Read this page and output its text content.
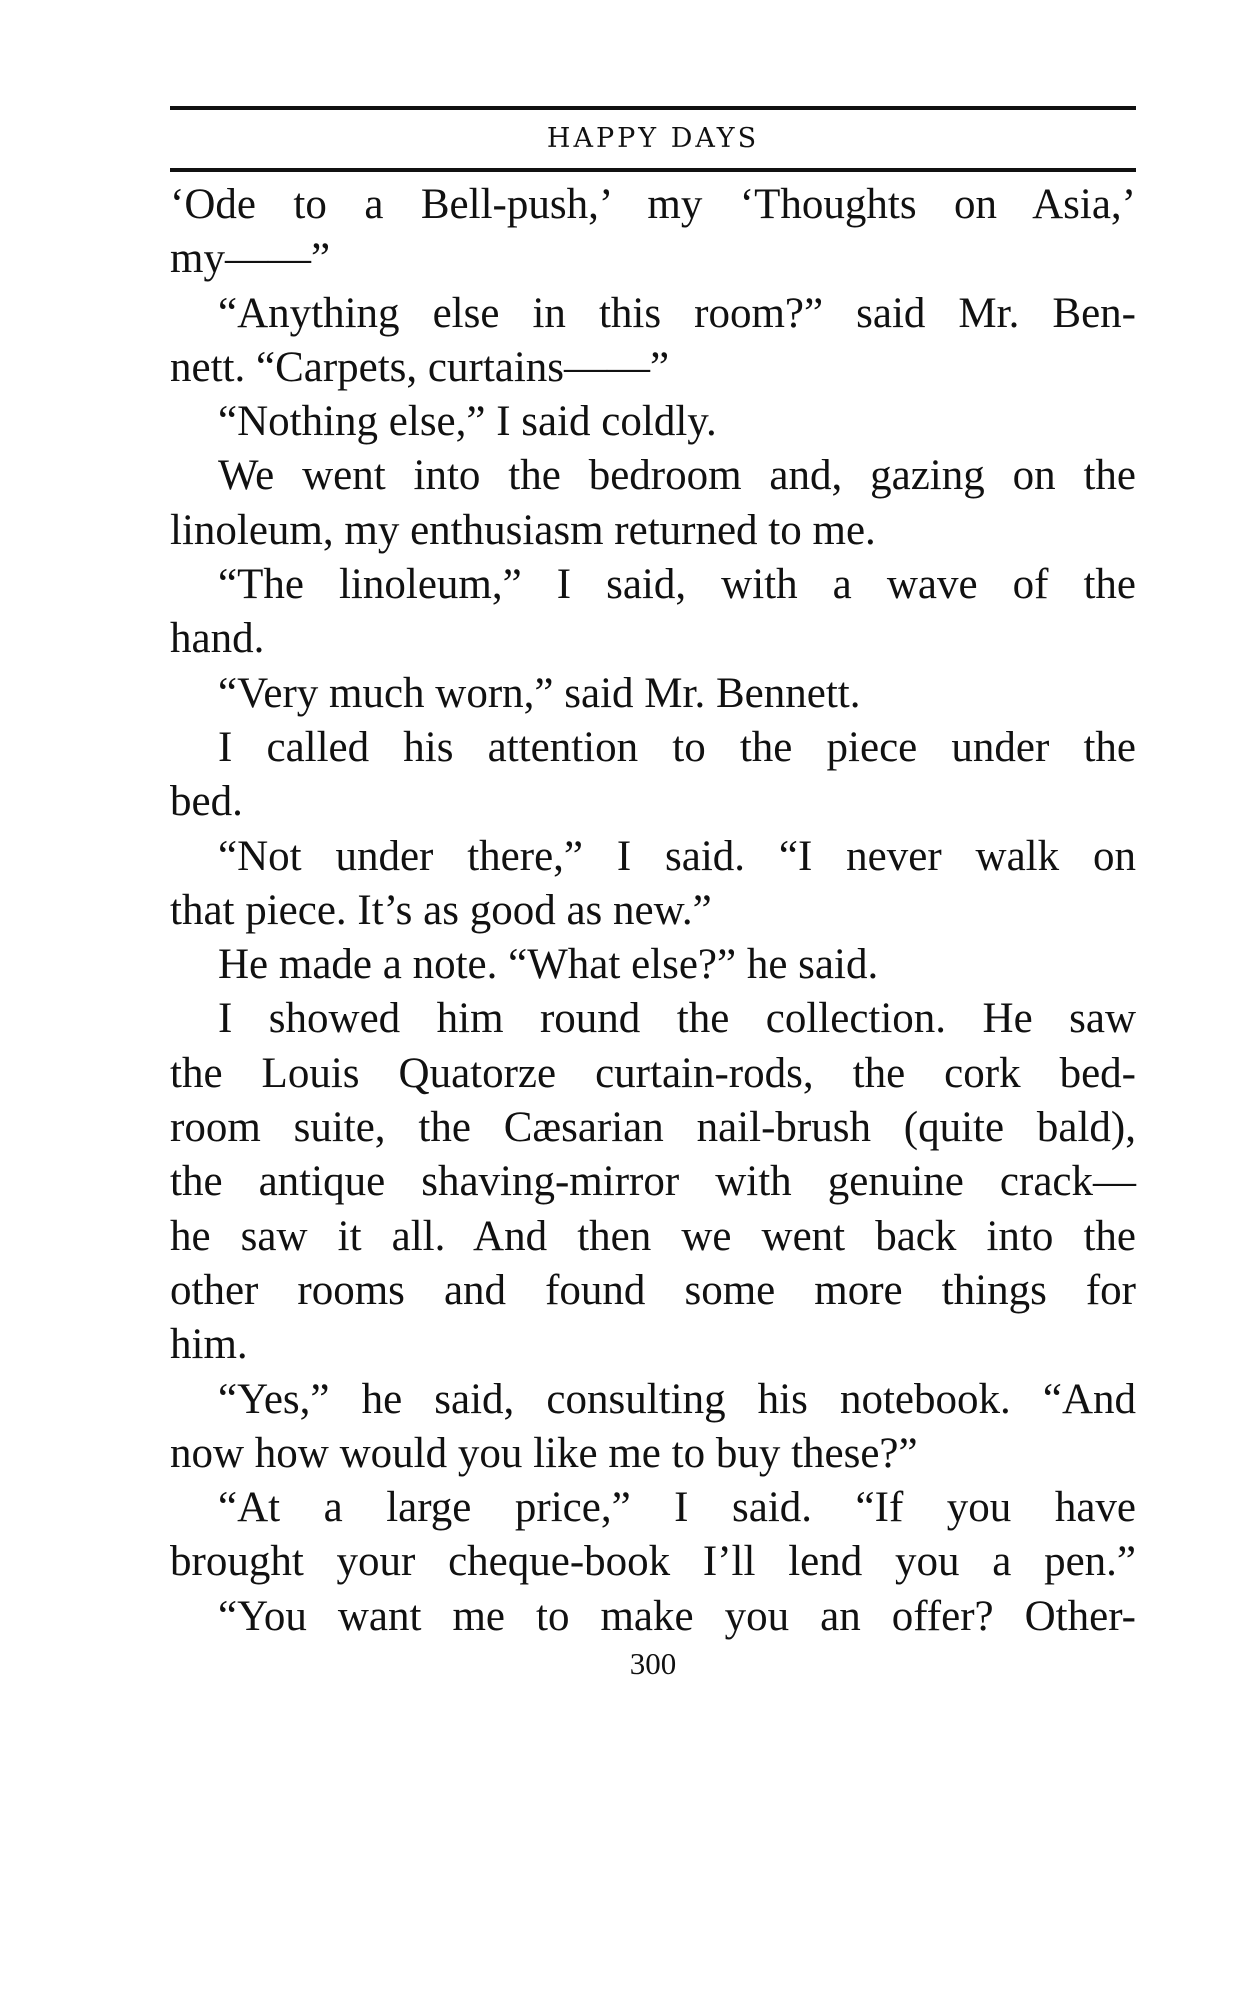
HAPPY DAYS
‘Ode to a Bell-push,’ my ‘Thoughts on Asia,’
my——”
“Anything else in this room?” said Mr. Ben-
nett. “Carpets, curtains——”
“Nothing else,” I said coldly.
We went into the bedroom and, gazing on the
linoleum, my enthusiasm returned to me.
“The linoleum,” I said, with a wave of the
hand.
“Very much worn,” said Mr. Bennett.
I called his attention to the piece under the
bed.
“Not under there,” I said. “I never walk on
that piece. It’s as good as new.”
He made a note. “What else?” he said.
I showed him round the collection. He saw
the Louis Quatorze curtain-rods, the cork bed-
room suite, the Cæsarian nail-brush (quite bald),
the antique shaving-mirror with genuine crack—
he saw it all. And then we went back into the
other rooms and found some more things for
him.
“Yes,” he said, consulting his notebook. “And
now how would you like me to buy these?”
“At a large price,” I said. “If you have
brought your cheque-book I’ll lend you a pen.”
“You want me to make you an offer? Other-
300
